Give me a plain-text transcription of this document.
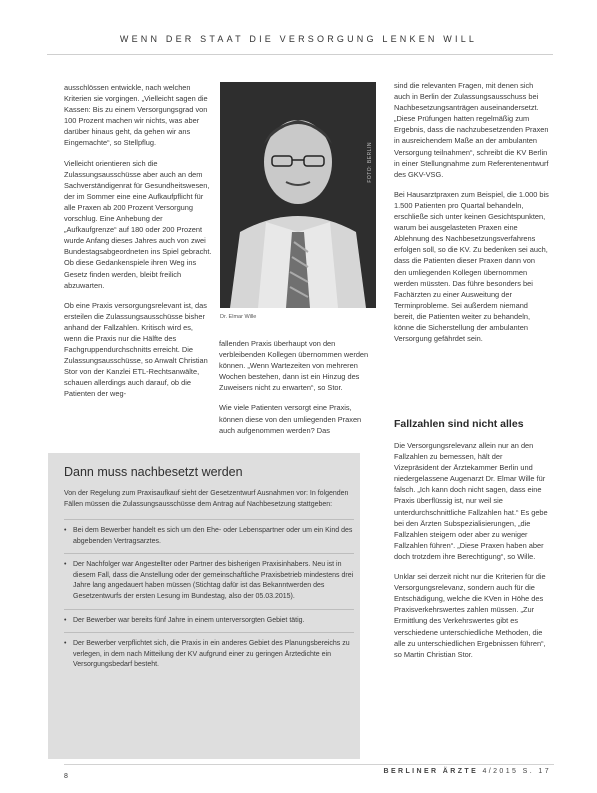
WENN DER STAAT DIE VERSORGUNG LENKEN WILL

ausschlössen entwickle, nach welchen Kriterien sie vorgingen. „Vielleicht sagen die Kassen: Bis zu einem Versorgungsgrad von 100 Prozent machen wir nichts, was aber darüber hinaus geht, da gehen wir ans Eingemachte“, so Stellpflug.

Vielleicht orientieren sich die Zulassungsausschüsse aber auch an dem Sachverständigenrat für Gesundheitswesen, der im Sommer eine eine Aufkaufpflicht für alle Praxen ab 200 Prozent Versorgung vorschlug. Eine Anhebung der „Aufkaufgrenze“ auf 180 oder 200 Prozent wurde Anfang dieses Jahres auch von zwei Bundestagsabgeordneten ins Spiel gebracht. Ob diese Gedankenspiele ihren Weg ins Gesetz finden werden, bleibt freilich abzuwarten.

Ob eine Praxis versorgungsrelevant ist, das ersteilen die Zulassungsausschüsse bisher anhand der Fallzahlen. Kritisch wird es, wenn die Praxis nur die Hälfte des Fachgruppendurchschnitts erreicht. Die Zulassungsausschüsse, so Anwalt Christian Stor von der Kanzlei ETL-Rechtsanwälte, schauen allerdings auch darauf, ob die Patienten der weg-

FOTO: BERLIN
Dr. Elmar Wille

fallenden Praxis überhaupt von den verbleibenden Kollegen übernommen werden können. „Wenn Wartezeiten von mehreren Wochen bestehen, dann ist ein Hinzug des Zuweisers nicht zu erwarten“, so Stor.

Wie viele Patienten versorgt eine Praxis, können diese von den umliegenden Praxen auch aufgenommen werden? Das

sind die relevanten Fragen, mit denen sich auch in Berlin der Zulassungsausschuss bei Nachbesetzungsanträgen auseinandersetzt. „Diese Prüfungen hatten regelmäßig zum Ergebnis, dass die nachzubesetzenden Praxen in ausreichendem Maße an der ambulanten Versorgung teilnahmen“, schreibt die KV Berlin in einer Stellungnahme zum Referentenentwurf des GKV-VSG.

Bei Hausarztpraxen zum Beispiel, die 1.000 bis 1.500 Patienten pro Quartal behandeln, erschließe sich unter keinen Gesichtspunkten, warum bei ausgelasteten Praxen eine Ablehnung des Nachbesetzungsverfahrens erfolgen soll, so die KV. Zu bedenken sei auch, dass die Patienten dieser Praxen dann von den umliegenden Kollegen übernommen werden müssten. Das führe besonders bei Fachärzten zu einer Ausweitung der Terminprobleme. Sei außerdem niemand bereit, die Patienten weiter zu behandeln, könne die Sicherstellung der ambulanten Versorgung gefährdet sein.

Fallzahlen sind nicht alles

Die Versorgungsrelevanz allein nur an den Fallzahlen zu bemessen, hält der Vizepräsident der Ärztekammer Berlin und niedergelassene Augenarzt Dr. Elmar Wille für falsch. „Ich kann doch nicht sagen, dass eine Praxis überflüssig ist, nur weil sie unterdurchschnittliche Fallzahlen hat.“ Es gebe bei den Ärzten Subspezialisierungen, „die Fallzahlen steigern oder aber zu weniger Fallzahlen führen“. „Diese Praxen haben aber doch trotzdem ihre Berechtigung“, so Wille.

Unklar sei derzeit nicht nur die Kriterien für die Versorgungsrelevanz, sondern auch für die Entschädigung, welche die KVen in Höhe des Praxisverkehrswertes zahlen müssen. „Zur Ermittlung des Verkehrswertes gibt es verschiedene unterschiedliche Methoden, die alle zu unterschiedlichen Ergebnissen führen“, so Martin Christian Stor.

Dann muss nachbesetzt werden
Von der Regelung zum Praxisaufkauf sieht der Gesetzentwurf Ausnahmen vor: In folgenden Fällen müssen die Zulassungsausschüsse dem Antrag auf Nachbesetzung stattgeben:
• Bei dem Bewerber handelt es sich um den Ehe- oder Lebenspartner oder um ein Kind des abgebenden Vertragsarztes.
• Der Nachfolger war Angestellter oder Partner des bisherigen Praxisinhabers. Neu ist in diesem Fall, dass die Anstellung oder der gemeinschaftliche Praxisbetrieb mindestens drei Jahre lang angedauert haben müssen (Stichtag dafür ist das Bekanntwerden des Gesetzentwurfs der ersten Lesung im Bundestag, also der 05.03.2015).
• Der Bewerber war bereits fünf Jahre in einem unterversorgten Gebiet tätig.
• Der Bewerber verpflichtet sich, die Praxis in ein anderes Gebiet des Planungsbereichs zu verlegen, in dem nach Mitteilung der KV aufgrund einer zu geringen Ärztedichte ein Versorgungsbedarf besteht.
8
BERLINER ÄRZTE 4/2015 S. 17
